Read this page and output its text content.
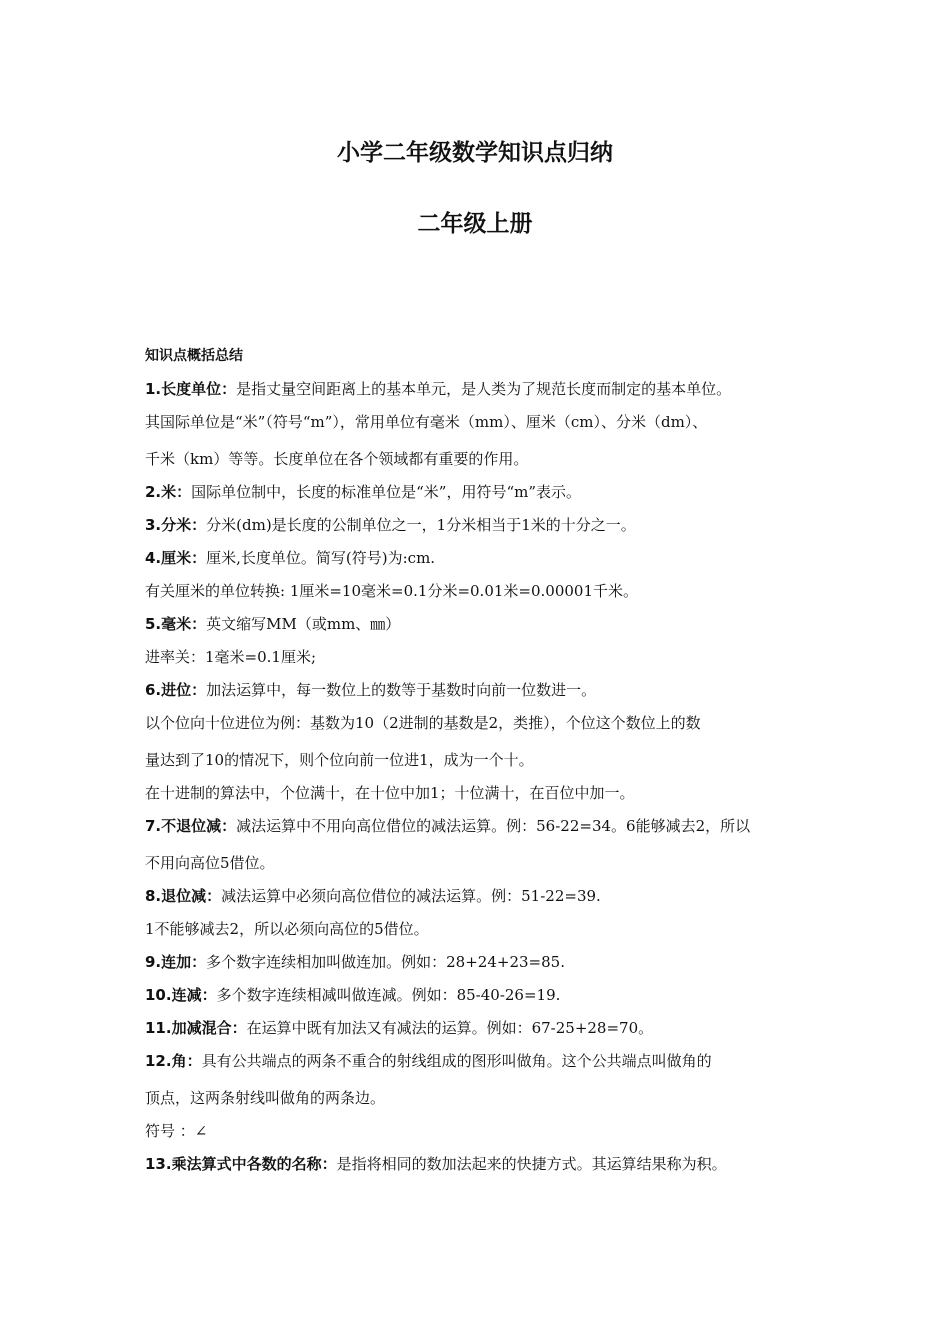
小学二年级数学知识点归纳
二年级上册
知识点概括总结
1.长度单位：是指丈量空间距离上的基本单元，是人类为了规范长度而制定的基本单位。
其国际单位是“米”（符号“m”），常用单位有毫米（mm）、厘米（cm）、分米（dm）、
千米（km）等等。长度单位在各个领域都有重要的作用。
2.米：国际单位制中，长度的标准单位是“米”，用符号“m”表示。
3.分米：分米(dm)是长度的公制单位之一，1分米相当于1米的十分之一。
4.厘米：厘米,长度单位。简写(符号)为:cm.
有关厘米的单位转换: 1厘米=10毫米=0.1分米=0.01米=0.00001千米。
5.毫米：英文缩写MM（或mm、㎜）
进率关：1毫米=0.1厘米;
6.进位：加法运算中，每一数位上的数等于基数时向前一位数进一。
以个位向十位进位为例：基数为10（2进制的基数是2，类推），个位这个数位上的数
量达到了10的情况下，则个位向前一位进1，成为一个十。
在十进制的算法中，个位满十，在十位中加1；十位满十，在百位中加一。
7.不退位减：减法运算中不用向高位借位的减法运算。例：56-22=34。6能够减去2，所以
不用向高位5借位。
8.退位减：减法运算中必须向高位借位的减法运算。例：51-22=39.
1不能够减去2，所以必须向高位的5借位。
9.连加：多个数字连续相加叫做连加。例如：28+24+23=85.
10.连减：多个数字连续相减叫做连减。例如：85-40-26=19.
11.加减混合：在运算中既有加法又有减法的运算。例如：67-25+28=70。
12.角：具有公共端点的两条不重合的射线组成的图形叫做角。这个公共端点叫做角的
顶点，这两条射线叫做角的两条边。
符号 ：∠
13.乘法算式中各数的名称：是指将相同的数加法起来的快捷方式。其运算结果称为积。
